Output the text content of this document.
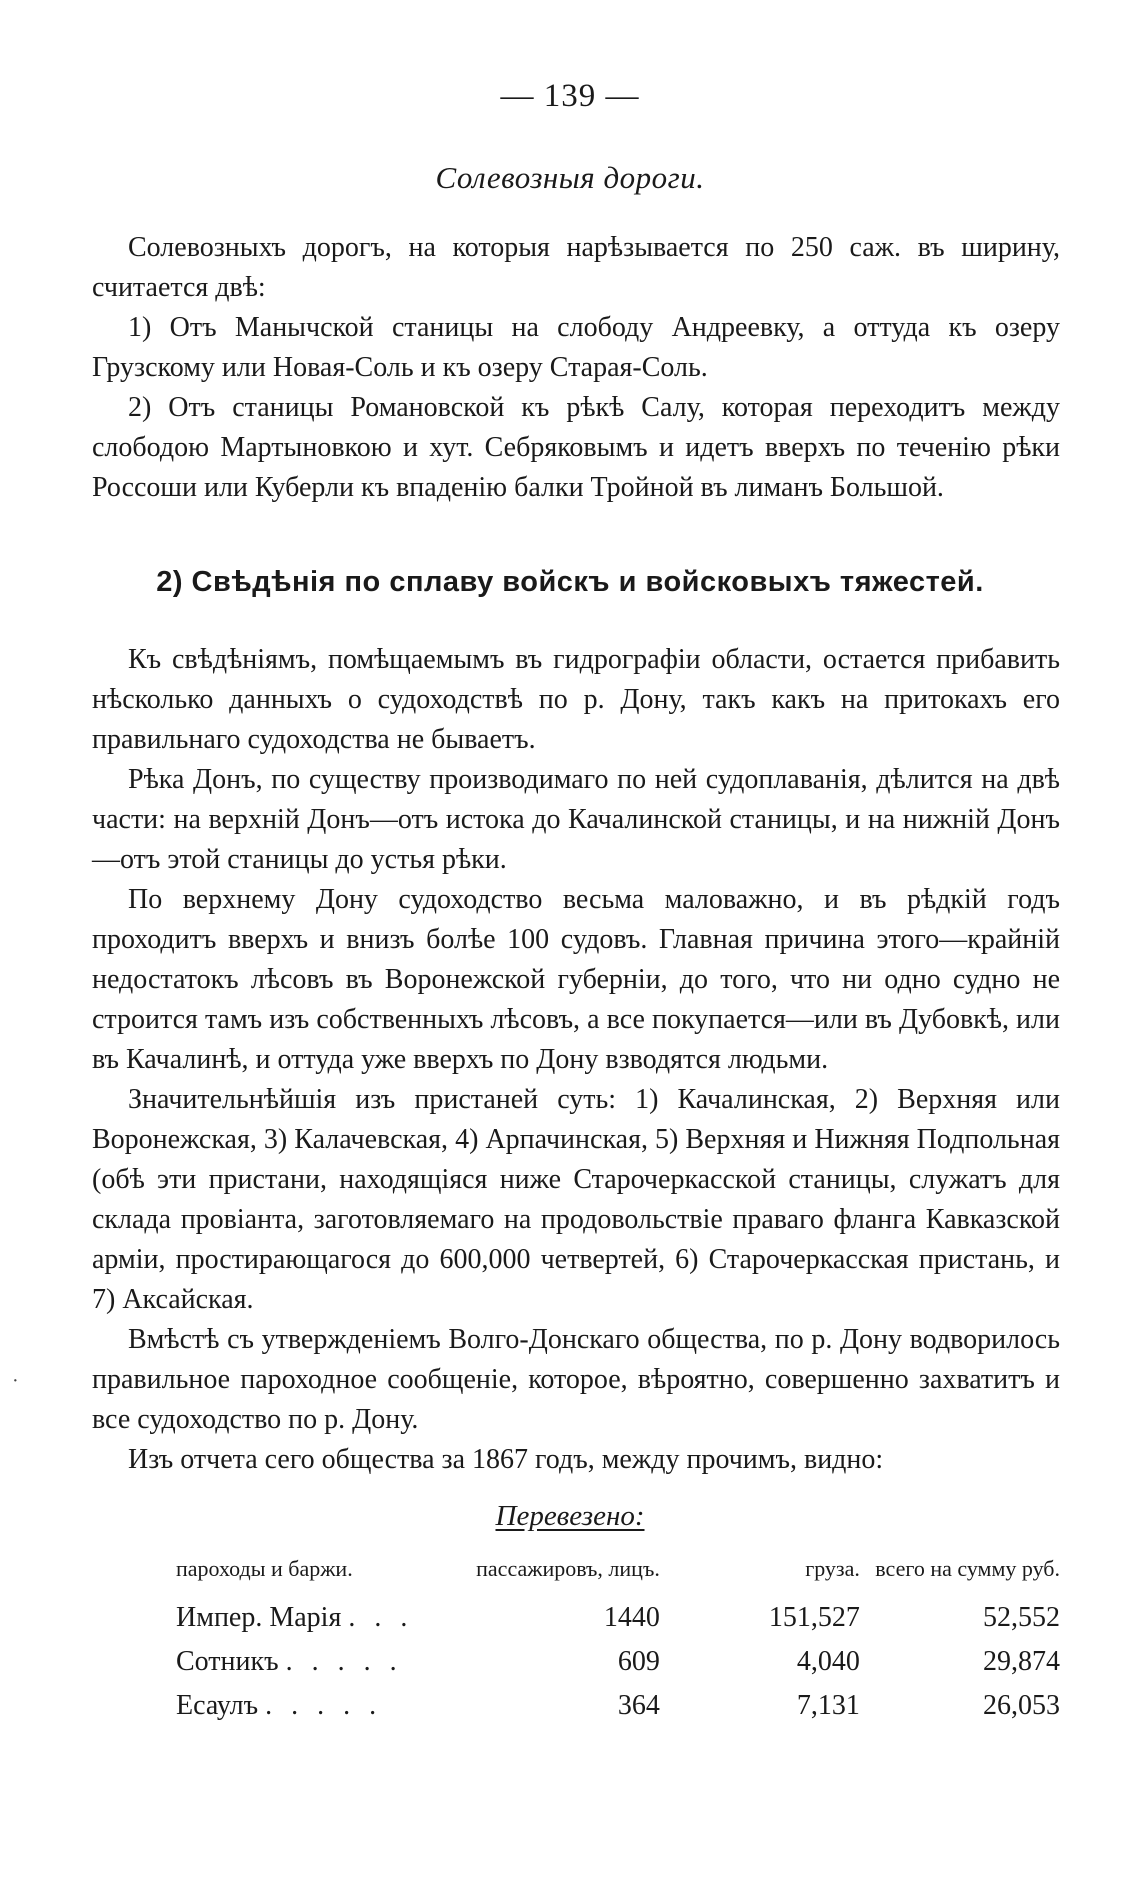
— 139 —
Солевозныя дороги.

Солевозныхъ дорогъ, на которыя нарѣзывается по 250 саж. въ ширину, считается двѣ:

1) Отъ Манычской станицы на слободу Андреевку, а оттуда къ озеру Грузскому или Новая-Соль и къ озеру Старая-Соль.

2) Отъ станицы Романовской къ рѣкѣ Салу, которая переходитъ между слободою Мартыновкою и хут. Себряковымъ и идетъ вверхъ по теченію рѣки Россоши или Куберли къ впаденію балки Тройной въ лиманъ Большой.

2) Свѣдѣнія по сплаву войскъ и войсковыхъ тяжестей.

Къ свѣдѣніямъ, помѣщаемымъ въ гидрографіи области, остается прибавить нѣсколько данныхъ о судоходствѣ по р. Дону, такъ какъ на притокахъ его правильнаго судоходства не бываетъ.

Рѣка Донъ, по существу производимаго по ней судоплаванія, дѣлится на двѣ части: на верхній Донъ—отъ истока до Качалинской станицы, и на нижній Донъ—отъ этой станицы до устья рѣки.

По верхнему Дону судоходство весьма маловажно, и въ рѣдкій годъ проходитъ вверхъ и внизъ болѣе 100 судовъ. Главная причина этого—крайній недостатокъ лѣсовъ въ Воронежской губерніи, до того, что ни одно судно не строится тамъ изъ собственныхъ лѣсовъ, а все покупается—или въ Дубовкѣ, или въ Качалинѣ, и оттуда уже вверхъ по Дону взводятся людьми.

Значительнѣйшія изъ пристаней суть: 1) Качалинская, 2) Верхняя или Воронежская, 3) Калачевская, 4) Арпачинская, 5) Верхняя и Нижняя Подпольная (обѣ эти пристани, находящіяся ниже Старочеркасской станицы, служатъ для склада провіанта, заготовляемаго на продовольствіе праваго фланга Кавказской арміи, простирающагося до 600,000 четвертей, 6) Старочеркасская пристань, и 7) Аксайская.

Вмѣстѣ съ утвержденіемъ Волго-Донскаго общества, по р. Дону водворилось правильное пароходное сообщеніе, которое, вѣроятно, совершенно захватитъ и все судоходство по р. Дону.

Изъ отчета сего общества за 1867 годъ, между прочимъ, видно:

Перевезено:
пароходы и баржи.	пассажировъ, лицъ.	груза.	всего на сумму руб.
Импер. Марія . . .	1440	151,527	52,552
Сотникъ . . . . .	609	4,040	29,874
Есаулъ . . . . .	364	7,131	26,053
·
